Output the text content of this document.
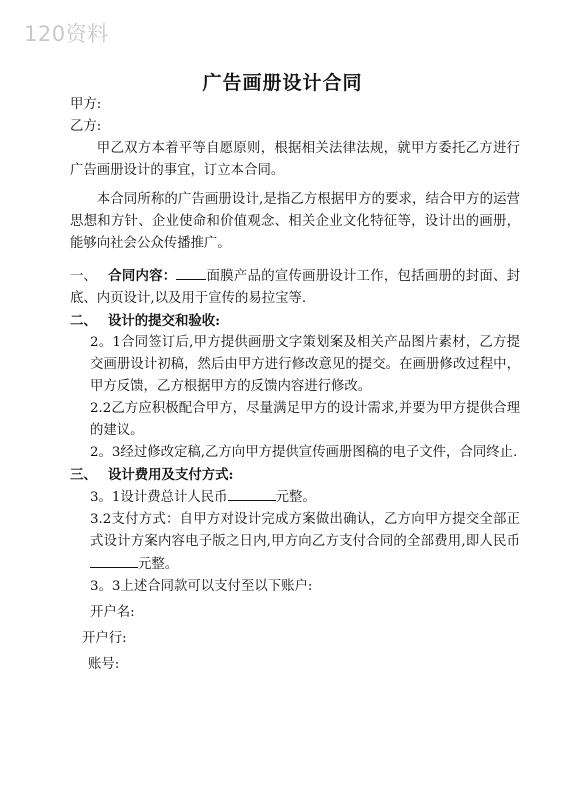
120资料
广告画册设计合同

甲方:

乙方:

甲乙双方本着平等自愿原则，根据相关法律法规，就甲方委托乙方进行广告画册设计的事宜，订立本合同。

本合同所称的广告画册设计,是指乙方根据甲方的要求，结合甲方的运营思想和方针、企业使命和价值观念、相关企业文化特征等，设计出的画册，能够向社会公众传播推广。

一、 合同内容： 面膜产品的宣传画册设计工作，包括画册的封面、封底、内页设计,以及用于宣传的易拉宝等.

二、 设计的提交和验收:

2。1合同签订后,甲方提供画册文字策划案及相关产品图片素材，乙方提交画册设计初稿，然后由甲方进行修改意见的提交。在画册修改过程中，甲方反馈，乙方根据甲方的反馈内容进行修改。

2.2乙方应积极配合甲方，尽量满足甲方的设计需求,并要为甲方提供合理的建议。

2。3经过修改定稿,乙方向甲方提供宣传画册图稿的电子文件，合同终止.

三、 设计费用及支付方式:

3。1设计费总计人民币	元整。

3.2支付方式：自甲方对设计完成方案做出确认，乙方向甲方提交全部正式设计方案内容电子版之日内,甲方向乙方支付合同的全部费用,即人民币元整。

3。3上述合同款可以支付至以下账户:

开户名:

开户行:

账号:
